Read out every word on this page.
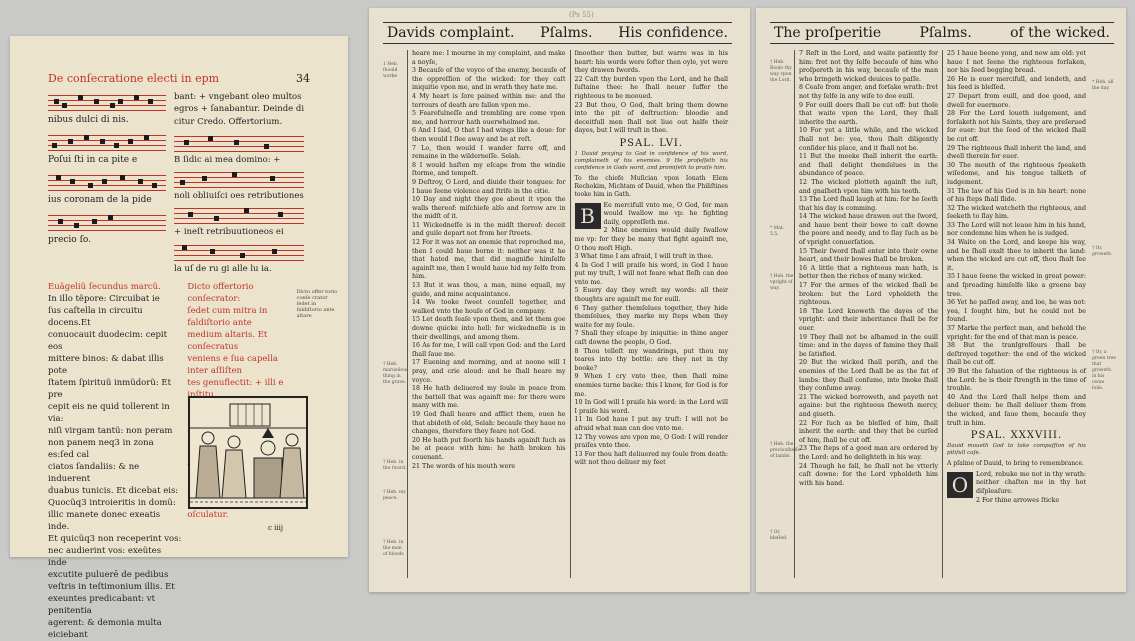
De conſecratione electi in epm	34
nibus dulci di nis.
Poſui ſti in ca pite e
ius coronam de la pide
precio ſo.
bant: + vngebant oleo multos
egros + ſanabantur. Deinde di
citur Credo. Offertorium.
B ſidic ai mea domino: +
noli obliuiſci oes retributiones
+ ineſt retribuutioneos ei
la uſ de ru gi alle lu ia.
Euãgeliũ ſecundus marcũ.
In illo tẽpore: Circuibat ie
ſus caſtella in circuitu docens.Et
conuocauit duodecim: cepit eos
mittere binos: & dabat illis pote
ſtatem ſpirituũ inmũdorũ: Et pre
cepit eis ne quid tollerent in via:
niſi virgam tantũ: non peram
non panem neq3 in zona es:ſed cal
ciatos ſandaliis: & ne induerent
duabus tunicis. Et dicebat eis:
Quocũq3 introieritis in domũ:
illic manete donec exeatis inde.
Et quicũq3 non receperint vos:
nec audierint vos: exeũtes inde
excutite puluerē de pedibus
veſtris in teſtimonium illis. Et
exeuntes predicabant: vt penitentia
agerent: & demonia multa eiciebant
Dicto offertorio conſecrator:
ſedet cum mitra in faldiſtorio ante
medium altaris. Et conſecratus
veniens e ſua capella inter aſſiſten
tes genuflectit: + illi e
oſculatur.
Dicto offer torio conſe crator ſedet in faldiſtorio ante altare
c iiij
(Ps 55)
Davids complaint. Pſalms. His confidence.
1 Heb. ſhould worke
† Heb. marueilous thing in the grave.
† Heb. in the ſword.
† Heb. my peace.
† Heb. in the men of bloods

heare me: I mourne in my complaint, and make a noyſe,

3 Becauſe of the voyce of the enemy, becauſe of the oppreſſion of the wicked: for they caſt iniquitie vpon me, and in wrath they hate me.

4 My heart is ſore pained within me: and the terrours of death are fallen vpon me.

5 Fearefulneſſe and trembling are come vpon me, and horrour hath ouerwhelmed me.

6 And I ſaid, O that I had wings like a doue: for then would I flee away and be at reſt.

7 Lo, then would I wander farre off, and remaine in the wilderneſſe. Selah.

8 I would haſten my eſcape from the windie ſtorme, and tempeſt.

9 Deſtroy, O Lord, and diuide their tongues: for I haue ſeene violence and ſtrife in the citie.

10 Day and night they goe about it vpon the walls thereof: miſchiefe alſo and ſorrow are in the midſt of it.

11 Wickedneſſe is in the midſt thereof: deceit and guile depart not from her ſtreets.

12 For it was not an enemie that reproched me, then I could haue borne it: neither was it he that hated me, that did magnifie himſelfe againſt me, then I would haue hid my ſelfe from him.

13 But it was thou, a man, mine equall, my guide, and mine acquaintance.

14 We tooke ſweet counſell together, and walked vnto the houſe of God in company.

15 Let death ſeaſe vpon them, and let them goe downe quicke into hell: for wickedneſſe is in their dwellings, and among them.

16 As for me, I will call vpon God: and the Lord ſhall ſaue me.

17 Euening and morning, and at noone will I pray, and crie aloud: and he ſhall heare my voyce.

18 He hath deliuered my ſoule in peace from the battell that was againſt me: for there were many with me.

19 God ſhall heare and afflict them, euen he that abideth of old, Selah: becauſe they haue no changes, therefore they feare not God.

20 He hath put foorth his hands againſt ſuch as be at peace with him: he hath broken his couenant.

21 The words of his mouth were

ſmoother then butter, but warre was in his heart: his words were ſofter then oyle, yet were they drawen ſwords.

22 Caſt thy burden vpon the Lord, and he ſhall ſuſtaine thee: he ſhall neuer ſuffer the righteous to be mooued.

23 But thou, O God, ſhalt bring them downe into the pit of deſtruction: bloodie and deceitfull men ſhall not liue out halfe their dayes, but I will truſt in thee.

PSAL. LVI.
1 Dauid praying to God in confidence of his word, complaineth of his enemies. 9 He profeſſeth his confidence in Gods word, and promiſeth to praiſe him.
To the chiefe Muſician vpon Ionath Elem Rechokim, Michtam of Dauid, when the Philiſtines tooke him in Gath.
B	Ee mercifull vnto me, O God, for man would ſwallow me vp: he fighting daily, oppreſſeth me.

2 Mine enemies would daily ſwallow me vp: for they be many that fight againſt me, O thou moſt High.

3 What time I am afraid, I will truſt in thee.

4 In God I will praiſe his word, in God I haue put my truſt, I will not feare what fleſh can doe vnto me.

5 Euery day they wreſt my words: all their thoughts are againſt me for euill.

6 They gather themſelues together, they hide themſelues, they marke my ſteps when they waite for my ſoule.

7 Shall they eſcape by iniquitie: in thine anger caſt downe the people, O God.

8 Thou telleſt my wandrings, put thou my teares into thy bottle: are they not in thy booke?

9 When I cry vnto thee, then ſhall mine enemies turne backe: this I know, for God is for me.

10 In God will I praiſe his word: in the Lord will I praiſe his word.

11 In God haue I put my truſt: I will not be afraid what man can doe vnto me.

12 Thy vowes are vpon me, O God: I will render praiſes vnto thee.

13 For thou haſt deliuered my ſoule from death: wilt not thou deliuer my feet

The proſperitie	Pſalms.	of the wicked.
† Heb. Roule thy way vpon the Lord.
* Mat. 5.5.
† Heb. the vpright of way.
† Heb. the preciouſneſſe of lambs.
† Or, bleſſed.

7 Reſt in the Lord, and waite patiently for him: fret not thy ſelfe becauſe of him who proſpereth in his way, becauſe of the man who bringeth wicked deuices to paſſe.

8 Ceaſe from anger, and forſake wrath: fret not thy ſelfe in any wiſe to doe euill.

9 For euill doers ſhall be cut off: but thoſe that waite vpon the Lord, they ſhall inherite the earth.

10 For yet a little while, and the wicked ſhall not be: yea, thou ſhalt diligently conſider his place, and it ſhall not be.

11 But the meeke ſhall inherit the earth: and ſhall delight themſelues in the abundance of peace.

12 The wicked plotteth againſt the iuſt, and gnaſheth vpon him with his teeth.

13 The Lord ſhall laugh at him: for he ſeeth that his day is comming.

14 The wicked haue drawen out the ſword, and haue bent their bowe to caſt downe the poore and needy, and to ſlay ſuch as be of vpright conuerſation.

15 Their ſword ſhall enter into their owne heart, and their bowes ſhall be broken.

16 A little that a righteous man hath, is better then the riches of many wicked.

17 For the armes of the wicked ſhall be broken: but the Lord vpholdeth the righteous.

18 The Lord knoweth the dayes of the vpright: and their inheritance ſhall be for euer.

19 They ſhall not be aſhamed in the euill time: and in the dayes of famine they ſhall be ſatisfied.

20 But the wicked ſhall periſh, and the enemies of the Lord ſhall be as the fat of lambs: they ſhall conſume, into ſmoke ſhall they conſume away.

21 The wicked borroweth, and payeth not againe: but the righteous ſheweth mercy, and giueth.

22 For ſuch as be bleſſed of him, ſhall inherit the earth: and they that be curſed of him, ſhall be cut off.

23 The ſteps of a good man are ordered by the Lord: and he delighteth in his way.

24 Though he fall, he ſhall not be vtterly caſt downe: for the Lord vpholdeth him with his hand.

25 I haue beene yong, and now am old: yet haue I not ſeene the righteous forſaken, nor his ſeed begging bread.

26 He is euer mercifull, and lendeth, and his ſeed is bleſſed.

27 Depart from euill, and doe good, and dwell for euermore.

28 For the Lord loueth iudgement, and forſaketh not his Saints, they are preſerued for euer: but the ſeed of the wicked ſhall be cut off.

29 The righteous ſhall inherit the land, and dwell therein for euer.

30 The mouth of the righteous ſpeaketh wiſedome, and his tongue talketh of iudgement.

31 The law of his God is in his heart: none of his ſteps ſhall ſlide.

32 The wicked watcheth the righteous, and ſeeketh to ſlay him.

33 The Lord will not leaue him in his hand, nor condemne him when he is iudged.

34 Waite on the Lord, and keepe his way, and he ſhall exalt thee to inherit the land: when the wicked are cut off, thou ſhalt ſee it.

35 I haue ſeene the wicked in great power: and ſpreading himſelfe like a greene bay tree.

36 Yet he paſſed away, and loe, he was not: yea, I ſought him, but he could not be found.

37 Marke the perfect man, and behold the vpright: for the end of that man is peace.

38 But the tranſgreſſours ſhall be deſtroyed together: the end of the wicked ſhall be cut off.

39 But the ſaluation of the righteous is of the Lord: he is their ſtrength in the time of trouble.

40 And the Lord ſhall helpe them and deliuer them: he ſhall deliuer them from the wicked, and ſaue them, becauſe they truſt in him.

PSAL. XXXVIII.
Dauid moueth God to take compaſſion of his pitifull caſe.
A pſalme of Dauid, to bring to remembrance.
O	Lord, rebuke me not in thy wrath: neither chaſten me in thy hot diſpleaſure.

2 For thine arrowes ſticke

* Heb. all the day.
† Or, groweth
† Or, a green tree that groweth in his owne ſoile.
